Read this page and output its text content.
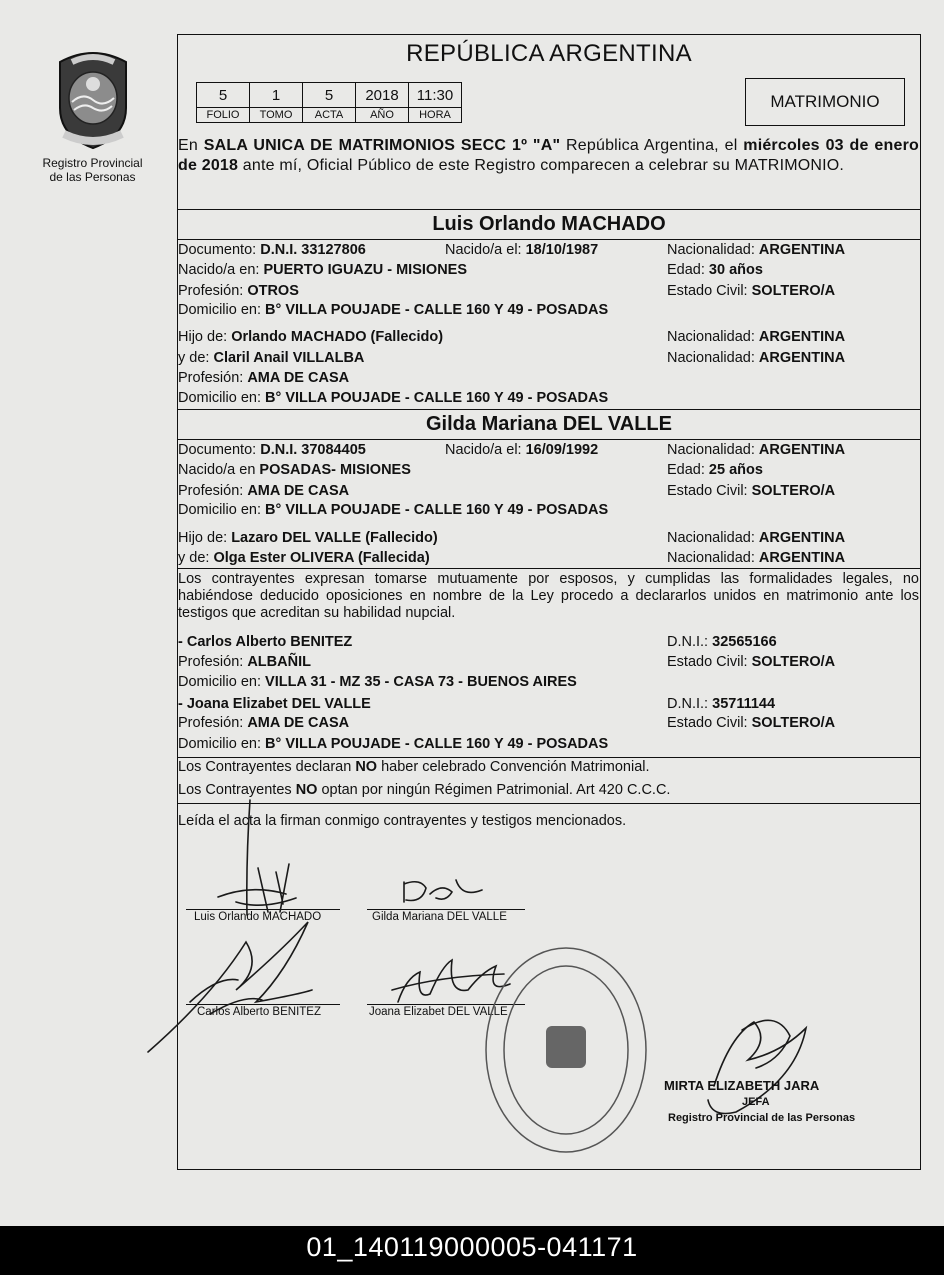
Registro Provincial
de las Personas
REPÚBLICA ARGENTINA
5	1	5	2018	11:30
FOLIO	TOMO	ACTA	AÑO	HORA
MATRIMONIO
En SALA UNICA DE MATRIMONIOS SECC 1º "A" República Argentina, el miércoles 03 de enero de 2018 ante mí, Oficial Público de este Registro comparecen a celebrar su MATRIMONIO.
Luis Orlando MACHADO
Documento: D.N.I. 33127806	Nacido/a el: 18/10/1987	Nacionalidad: ARGENTINA
Nacido/a en: PUERTO IGUAZU - MISIONES	Edad: 30 años
Profesión: OTROS	Estado Civil: SOLTERO/A
Domicilio en: B° VILLA POUJADE - CALLE 160 Y 49 - POSADAS
Hijo de: Orlando MACHADO (Fallecido)	Nacionalidad: ARGENTINA
y de: Claril Anail VILLALBA	Nacionalidad: ARGENTINA
Profesión: AMA DE CASA
Domicilio en: B° VILLA POUJADE - CALLE 160 Y 49 - POSADAS
Gilda Mariana DEL VALLE
Documento: D.N.I. 37084405	Nacido/a el: 16/09/1992	Nacionalidad: ARGENTINA
Nacido/a en POSADAS- MISIONES	Edad: 25 años
Profesión: AMA DE CASA	Estado Civil: SOLTERO/A
Domicilio en: B° VILLA POUJADE - CALLE 160 Y 49 - POSADAS
Hijo de: Lazaro DEL VALLE (Fallecido)	Nacionalidad: ARGENTINA
y de: Olga Ester OLIVERA (Fallecida)	Nacionalidad: ARGENTINA
Los contrayentes expresan tomarse mutuamente por esposos, y cumplidas las formalidades legales, no habiéndose deducido oposiciones en nombre de la Ley procedo a declararlos unidos en matrimonio ante los testigos que acreditan su habilidad nupcial.
- Carlos Alberto BENITEZ	D.N.I.: 32565166
Profesión: ALBAÑIL	Estado Civil: SOLTERO/A
Domicilio en: VILLA 31 - MZ 35 - CASA 73 - BUENOS AIRES
- Joana Elizabet DEL VALLE	D.N.I.: 35711144
Profesión: AMA DE CASA	Estado Civil: SOLTERO/A
Domicilio en: B° VILLA POUJADE - CALLE 160 Y 49 - POSADAS
Los Contrayentes declaran NO haber celebrado Convención Matrimonial.
Los Contrayentes NO optan por ningún Régimen Patrimonial. Art 420 C.C.C.
Leída el acta la firman conmigo contrayentes y testigos mencionados.
Luis Orlando MACHADO	Gilda Mariana DEL VALLE
Carlos Alberto BENITEZ	Joana Elizabet DEL VALLE
MIRTA ELIZABETH JARA
JEFA
Registro Provincial de las Personas
01_140119000005-041171
